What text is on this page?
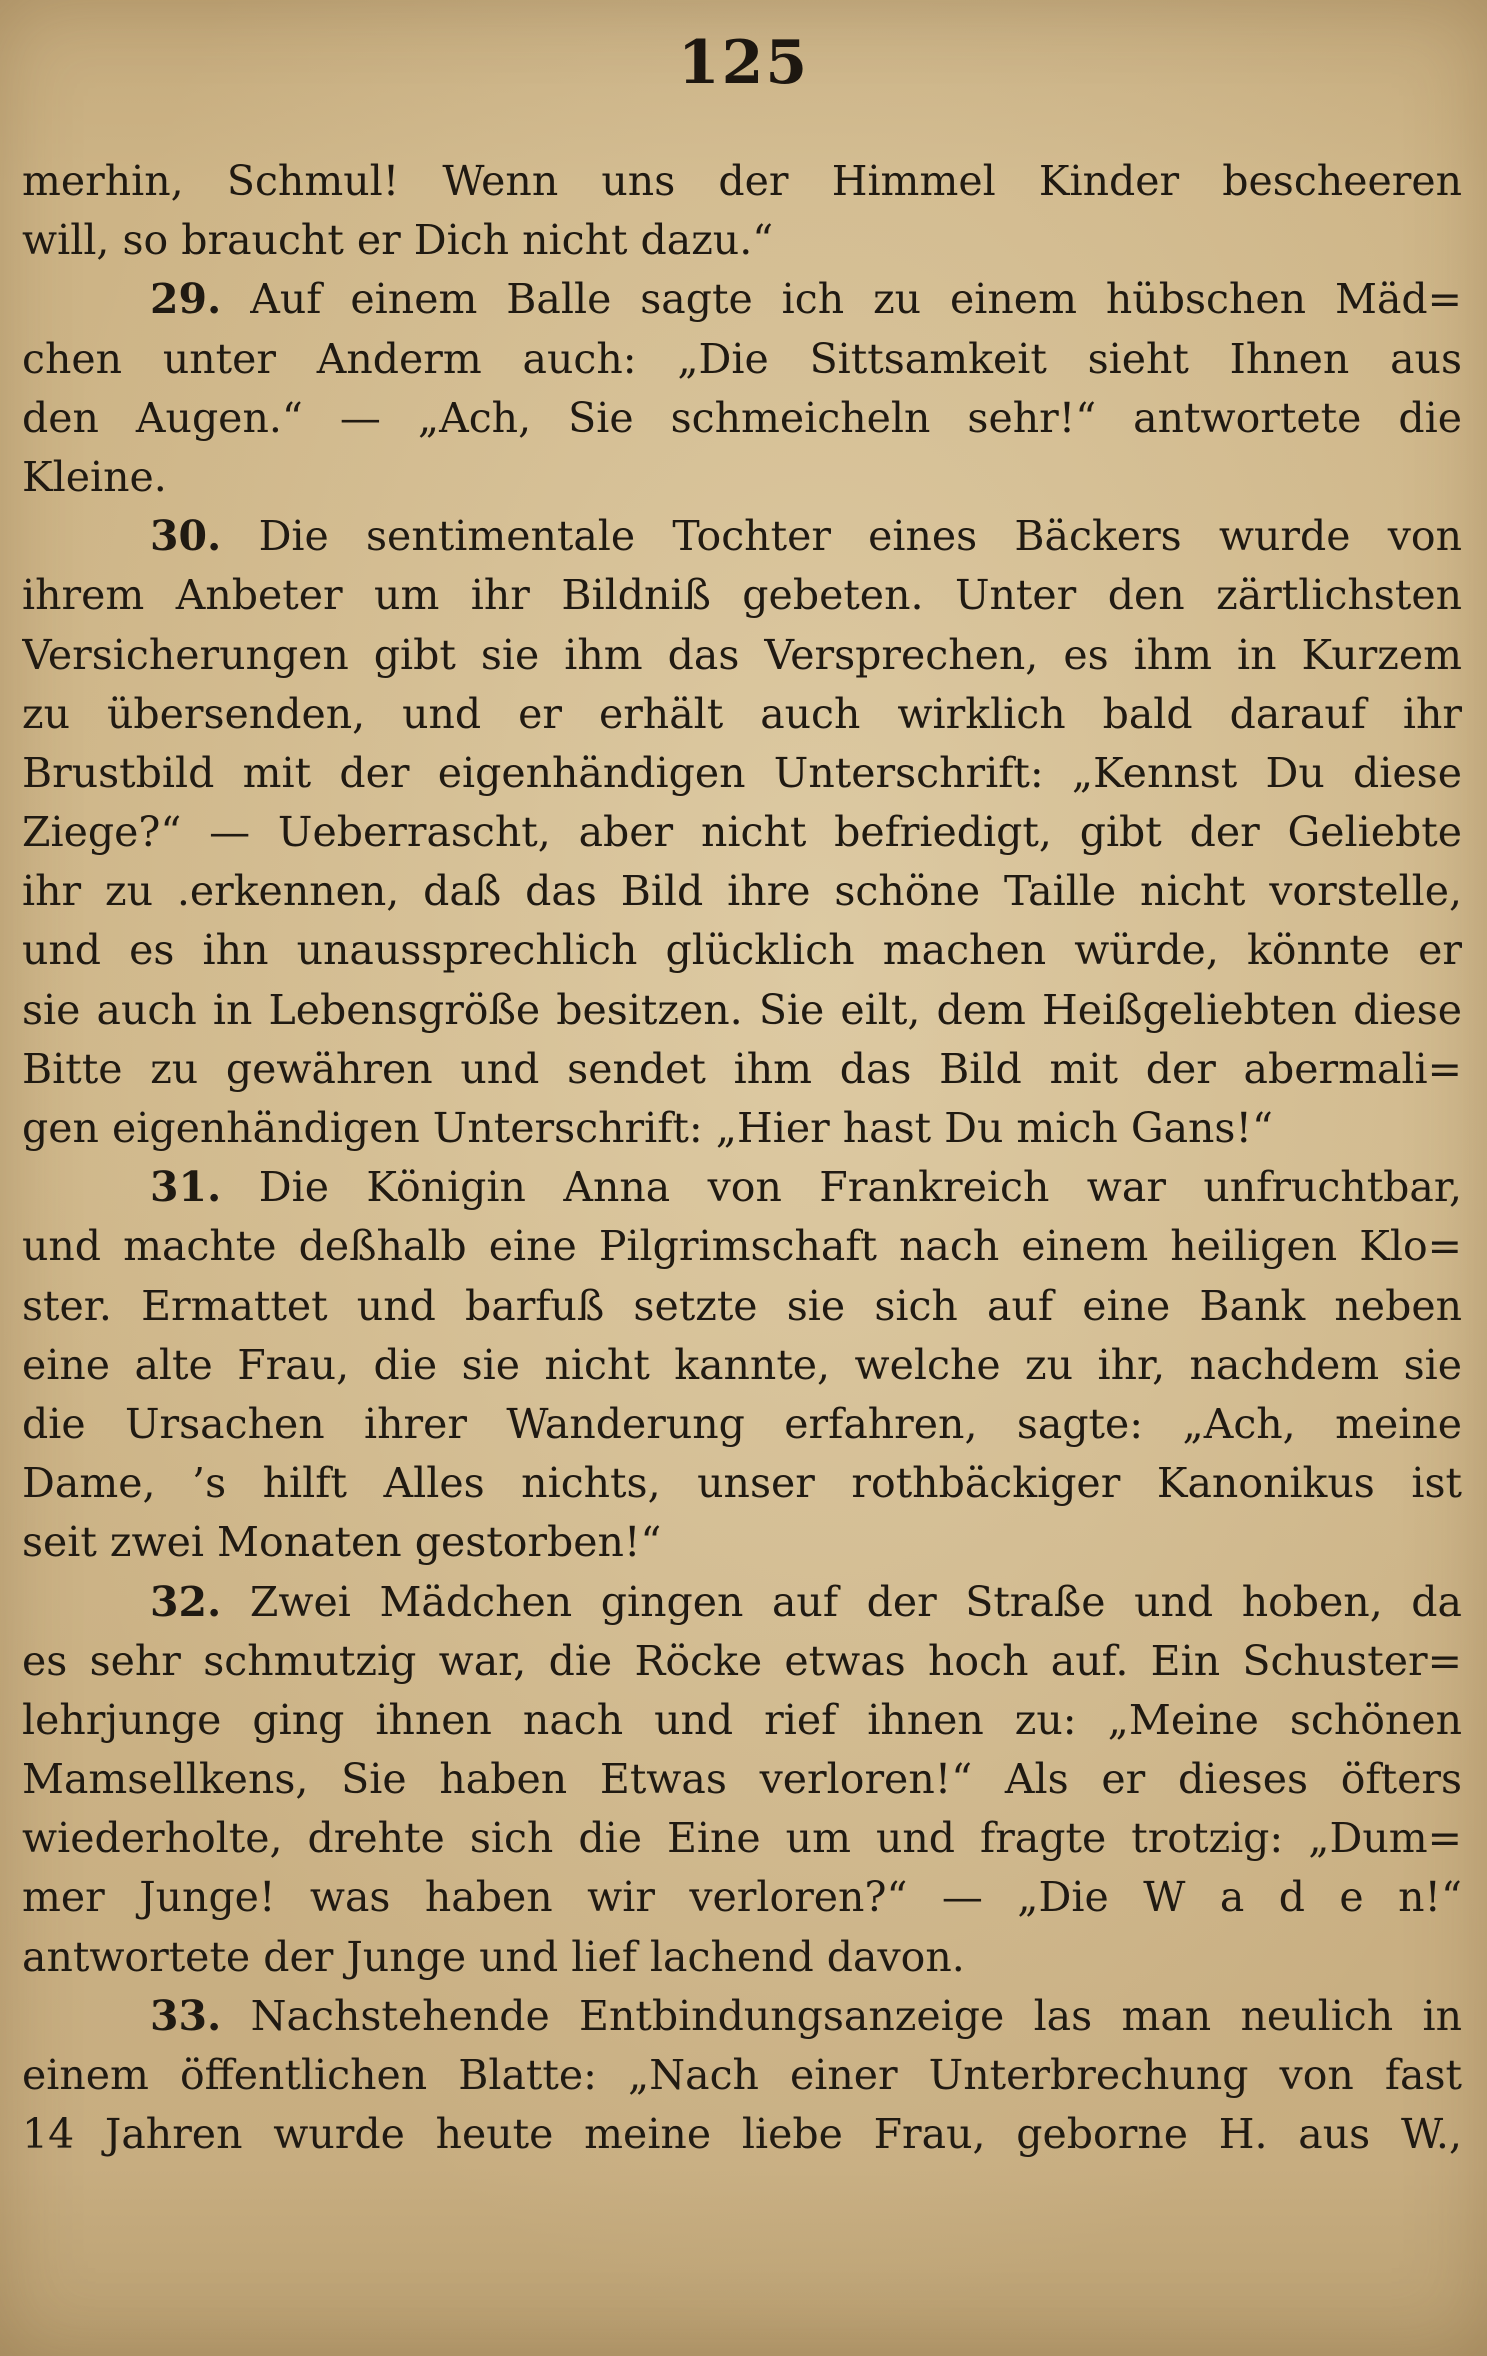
125
merhin, Schmul! Wenn uns der Himmel Kinder bescheeren
will, so braucht er Dich nicht dazu.“
29. Auf einem Balle sagte ich zu einem hübschen Mäd=
chen unter Anderm auch: „Die Sittsamkeit sieht Ihnen aus
den Augen.“ — „Ach, Sie schmeicheln sehr!“ antwortete die
Kleine.
30. Die sentimentale Tochter eines Bäckers wurde von
ihrem Anbeter um ihr Bildniß gebeten. Unter den zärtlichsten
Versicherungen gibt sie ihm das Versprechen, es ihm in Kurzem
zu übersenden, und er erhält auch wirklich bald darauf ihr
Brustbild mit der eigenhändigen Unterschrift: „Kennst Du diese
Ziege?“ — Ueberrascht, aber nicht befriedigt, gibt der Geliebte
ihr zu .erkennen, daß das Bild ihre schöne Taille nicht vorstelle,
und es ihn unaussprechlich glücklich machen würde, könnte er
sie auch in Lebensgröße besitzen. Sie eilt, dem Heißgeliebten diese
Bitte zu gewähren und sendet ihm das Bild mit der abermali=
gen eigenhändigen Unterschrift: „Hier hast Du mich Gans!“
31. Die Königin Anna von Frankreich war unfruchtbar,
und machte deßhalb eine Pilgrimschaft nach einem heiligen Klo=
ster. Ermattet und barfuß setzte sie sich auf eine Bank neben
eine alte Frau, die sie nicht kannte, welche zu ihr, nachdem sie
die Ursachen ihrer Wanderung erfahren, sagte: „Ach, meine
Dame, ’s hilft Alles nichts, unser rothbäckiger Kanonikus ist
seit zwei Monaten gestorben!“
32. Zwei Mädchen gingen auf der Straße und hoben, da
es sehr schmutzig war, die Röcke etwas hoch auf. Ein Schuster=
lehrjunge ging ihnen nach und rief ihnen zu: „Meine schönen
Mamsellkens, Sie haben Etwas verloren!“ Als er dieses öfters
wiederholte, drehte sich die Eine um und fragte trotzig: „Dum=
mer Junge! was haben wir verloren?“ — „Die W a d e n!“
antwortete der Junge und lief lachend davon.
33. Nachstehende Entbindungsanzeige las man neulich in
einem öffentlichen Blatte: „Nach einer Unterbrechung von fast
14 Jahren wurde heute meine liebe Frau, geborne H. aus W.,
